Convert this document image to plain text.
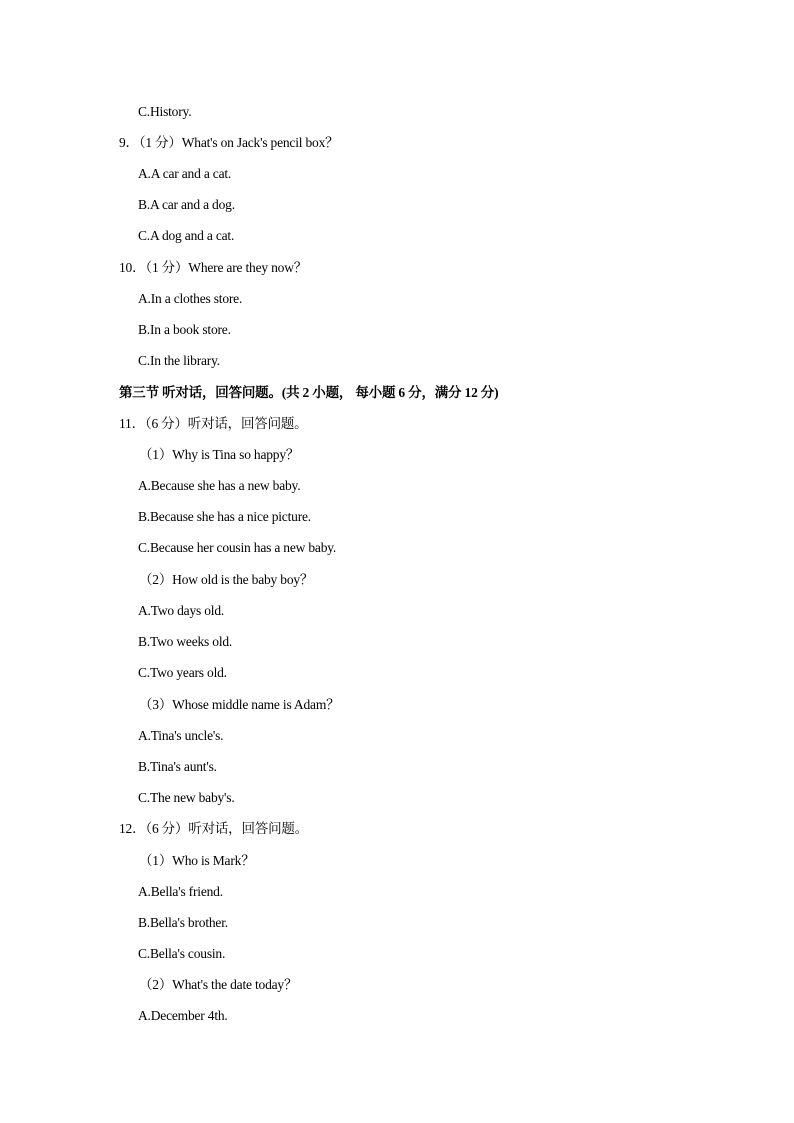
C.History.
9．（1 分）What's on Jack's pencil box？
A.A car and a cat.
B.A car and a dog.
C.A dog and a cat.
10．（1 分）Where are they now？
A.In a clothes store.
B.In a book store.
C.In the library.
第三节 听对话，回答问题。(共 2 小题， 每小题 6 分，满分 12 分)
11．（6 分）听对话，回答问题。
（1）Why is Tina so happy？
A.Because she has a new baby.
B.Because she has a nice picture.
C.Because her cousin has a new baby.
（2）How old is the baby boy？
A.Two days old.
B.Two weeks old.
C.Two years old.
（3）Whose middle name is Adam？
A.Tina's uncle's.
B.Tina's aunt's.
C.The new baby's.
12．（6 分）听对话，回答问题。
（1）Who is Mark？
A.Bella's friend.
B.Bella's brother.
C.Bella's cousin.
（2）What's the date today？
A.December 4th.
